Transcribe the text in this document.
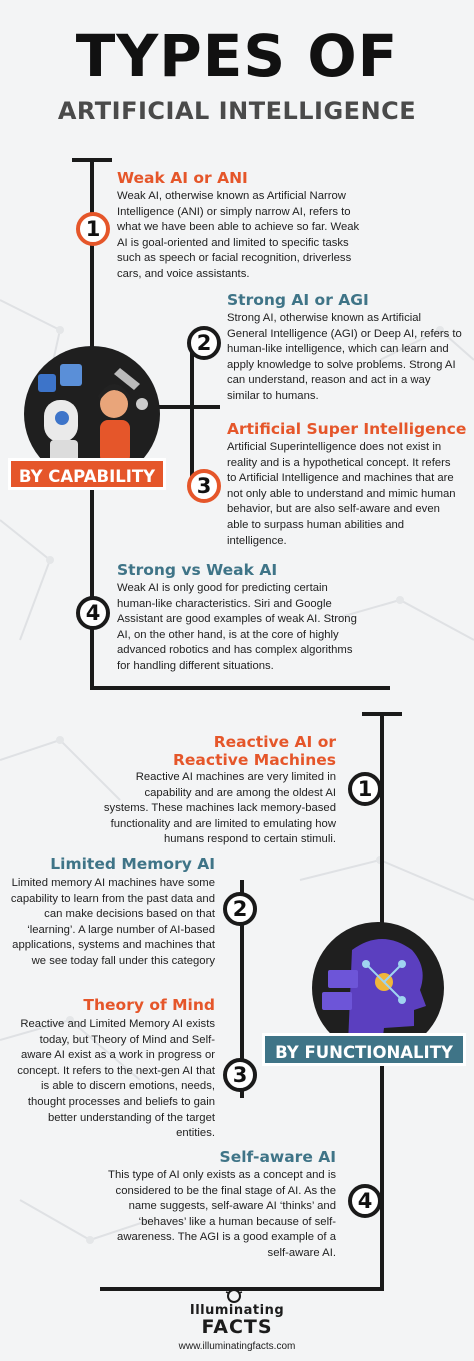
TYPES OF
ARTIFICIAL INTELLIGENCE
BY CAPABILITY
1
Weak AI or ANI
Weak AI, otherwise known as Artificial Narrow Intelligence (ANI) or simply narrow AI, refers to what we have been able to achieve so far. Weak AI is goal-oriented and limited to specific tasks such as speech or facial recognition, driverless cars, and voice assistants.
2
Strong AI or AGI
Strong AI, otherwise known as Artificial General Intelligence (AGI) or Deep AI, refers to human-like intelligence, which can learn and apply knowledge to solve problems. Strong AI can understand, reason and act in a way similar to humans.
3
Artificial Super Intelligence
Artificial Superintelligence does not exist in reality and is a hypothetical concept. It refers to Artificial Intelligence and machines that are not only able to understand and mimic human behavior, but are also self-aware and even able to surpass human abilities and intelligence.
4
Strong vs Weak AI
Weak AI is only good for predicting certain human-like characteristics. Siri and Google Assistant are good examples of weak AI. Strong AI, on the other hand, is at the core of highly advanced robotics and has complex algorithms for handling different situations.
BY FUNCTIONALITY
1
Reactive AI or
Reactive Machines
Reactive AI machines are very limited in capability and are among the oldest AI systems. These machines lack memory-based functionality and are limited to emulating how humans respond to certain stimuli.
2
Limited Memory AI
Limited memory AI machines have some capability to learn from the past data and can make decisions based on that ‘learning’. A large number of AI-based applications, systems and machines that we see today fall under this category
3
Theory of Mind
Reactive and Limited Memory AI exists today, but Theory of Mind and Self-aware AI exist as a work in progress or concept. It refers to the next-gen AI that is able to discern emotions, needs, thought processes and beliefs to gain better understanding of the target entities.
4
Self-aware AI
This type of AI only exists as a concept and is considered to be the final stage of AI. As the name suggests, self-aware AI ‘thinks’ and ‘behaves’ like a human because of self-awareness. The AGI is a good example of a self-aware AI.
Illuminating
FACTS
www.illuminatingfacts.com
